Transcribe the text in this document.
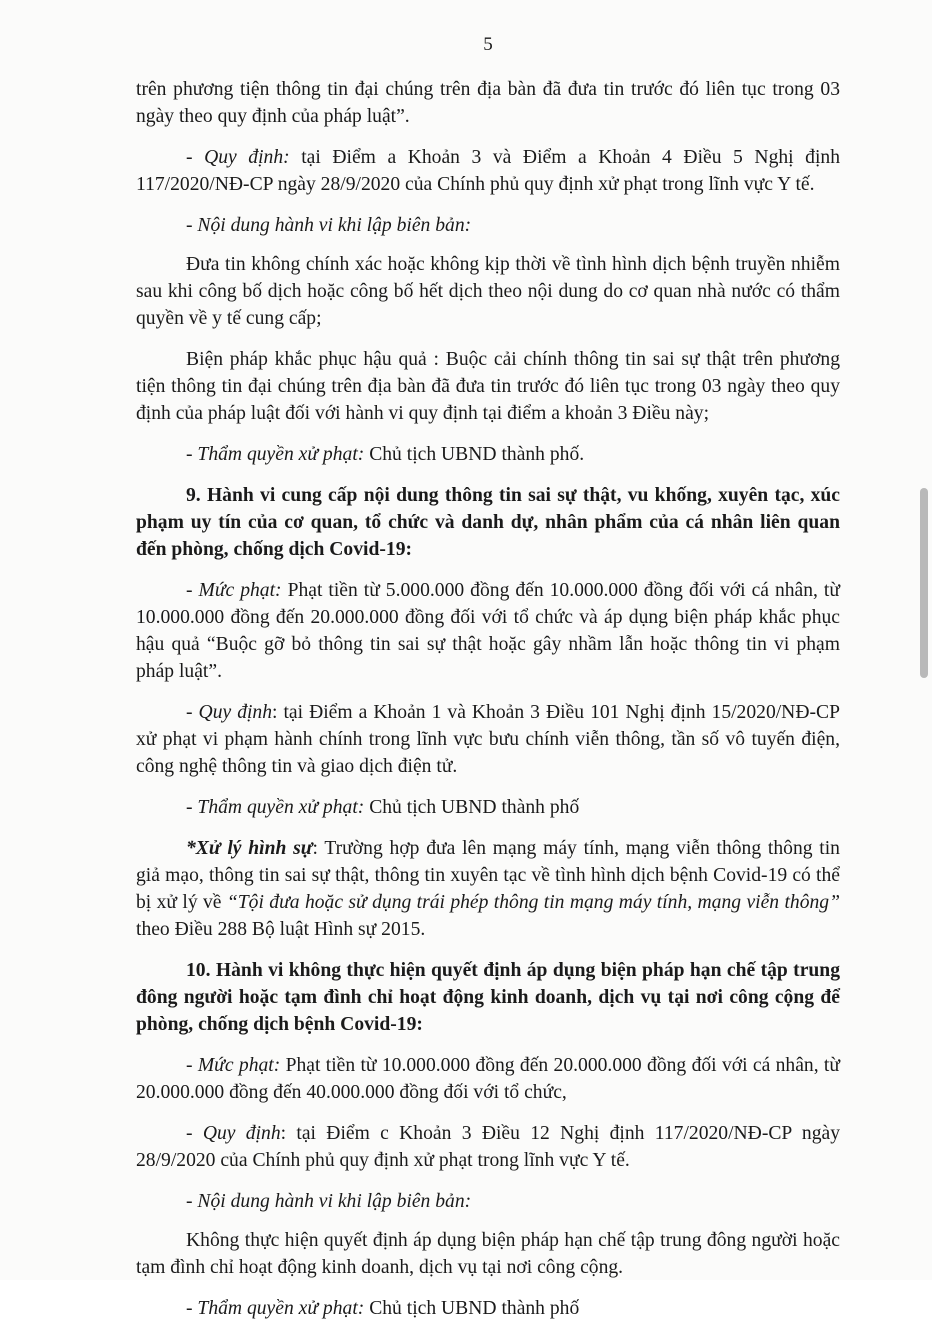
5

trên phương tiện thông tin đại chúng trên địa bàn đã đưa tin trước đó liên tục trong 03 ngày theo quy định của pháp luật”.

- Quy định: tại Điểm a Khoản 3 và Điểm a Khoản 4 Điều 5 Nghị định 117/2020/NĐ-CP ngày 28/9/2020 của Chính phủ quy định xử phạt trong lĩnh vực Y tế.

- Nội dung hành vi khi lập biên bản:

Đưa tin không chính xác hoặc không kịp thời về tình hình dịch bệnh truyền nhiễm sau khi công bố dịch hoặc công bố hết dịch theo nội dung do cơ quan nhà nước có thẩm quyền về y tế cung cấp;

Biện pháp khắc phục hậu quả : Buộc cải chính thông tin sai sự thật trên phương tiện thông tin đại chúng trên địa bàn đã đưa tin trước đó liên tục trong 03 ngày theo quy định của pháp luật đối với hành vi quy định tại điểm a khoản 3 Điều này;

- Thẩm quyền xử phạt: Chủ tịch UBND thành phố.

9. Hành vi cung cấp nội dung thông tin sai sự thật, vu khống, xuyên tạc, xúc phạm uy tín của cơ quan, tổ chức và danh dự, nhân phẩm của cá nhân liên quan đến phòng, chống dịch Covid-19:

- Mức phạt: Phạt tiền từ 5.000.000 đồng đến 10.000.000 đồng đối với cá nhân, từ 10.000.000 đồng đến 20.000.000 đồng đối với tổ chức và áp dụng biện pháp khắc phục hậu quả “Buộc gỡ bỏ thông tin sai sự thật hoặc gây nhầm lẫn hoặc thông tin vi phạm pháp luật”.

- Quy định: tại Điểm a Khoản 1 và Khoản 3 Điều 101 Nghị định 15/2020/NĐ-CP xử phạt vi phạm hành chính trong lĩnh vực bưu chính viễn thông, tần số vô tuyến điện, công nghệ thông tin và giao dịch điện tử.

- Thẩm quyền xử phạt: Chủ tịch UBND thành phố

*Xử lý hình sự: Trường hợp đưa lên mạng máy tính, mạng viễn thông thông tin giả mạo, thông tin sai sự thật, thông tin xuyên tạc về tình hình dịch bệnh Covid-19 có thể bị xử lý về “Tội đưa hoặc sử dụng trái phép thông tin mạng máy tính, mạng viễn thông” theo Điều 288 Bộ luật Hình sự 2015.

10. Hành vi không thực hiện quyết định áp dụng biện pháp hạn chế tập trung đông người hoặc tạm đình chỉ hoạt động kinh doanh, dịch vụ tại nơi công cộng để phòng, chống dịch bệnh Covid-19:

- Mức phạt: Phạt tiền từ 10.000.000 đồng đến 20.000.000 đồng đối với cá nhân, từ 20.000.000 đồng đến 40.000.000 đồng đối với tổ chức,

- Quy định: tại Điểm c Khoản 3 Điều 12 Nghị định 117/2020/NĐ-CP ngày 28/9/2020 của Chính phủ quy định xử phạt trong lĩnh vực Y tế.

- Nội dung hành vi khi lập biên bản:

Không thực hiện quyết định áp dụng biện pháp hạn chế tập trung đông người hoặc tạm đình chỉ hoạt động kinh doanh, dịch vụ tại nơi công cộng.

- Thẩm quyền xử phạt: Chủ tịch UBND thành phố
